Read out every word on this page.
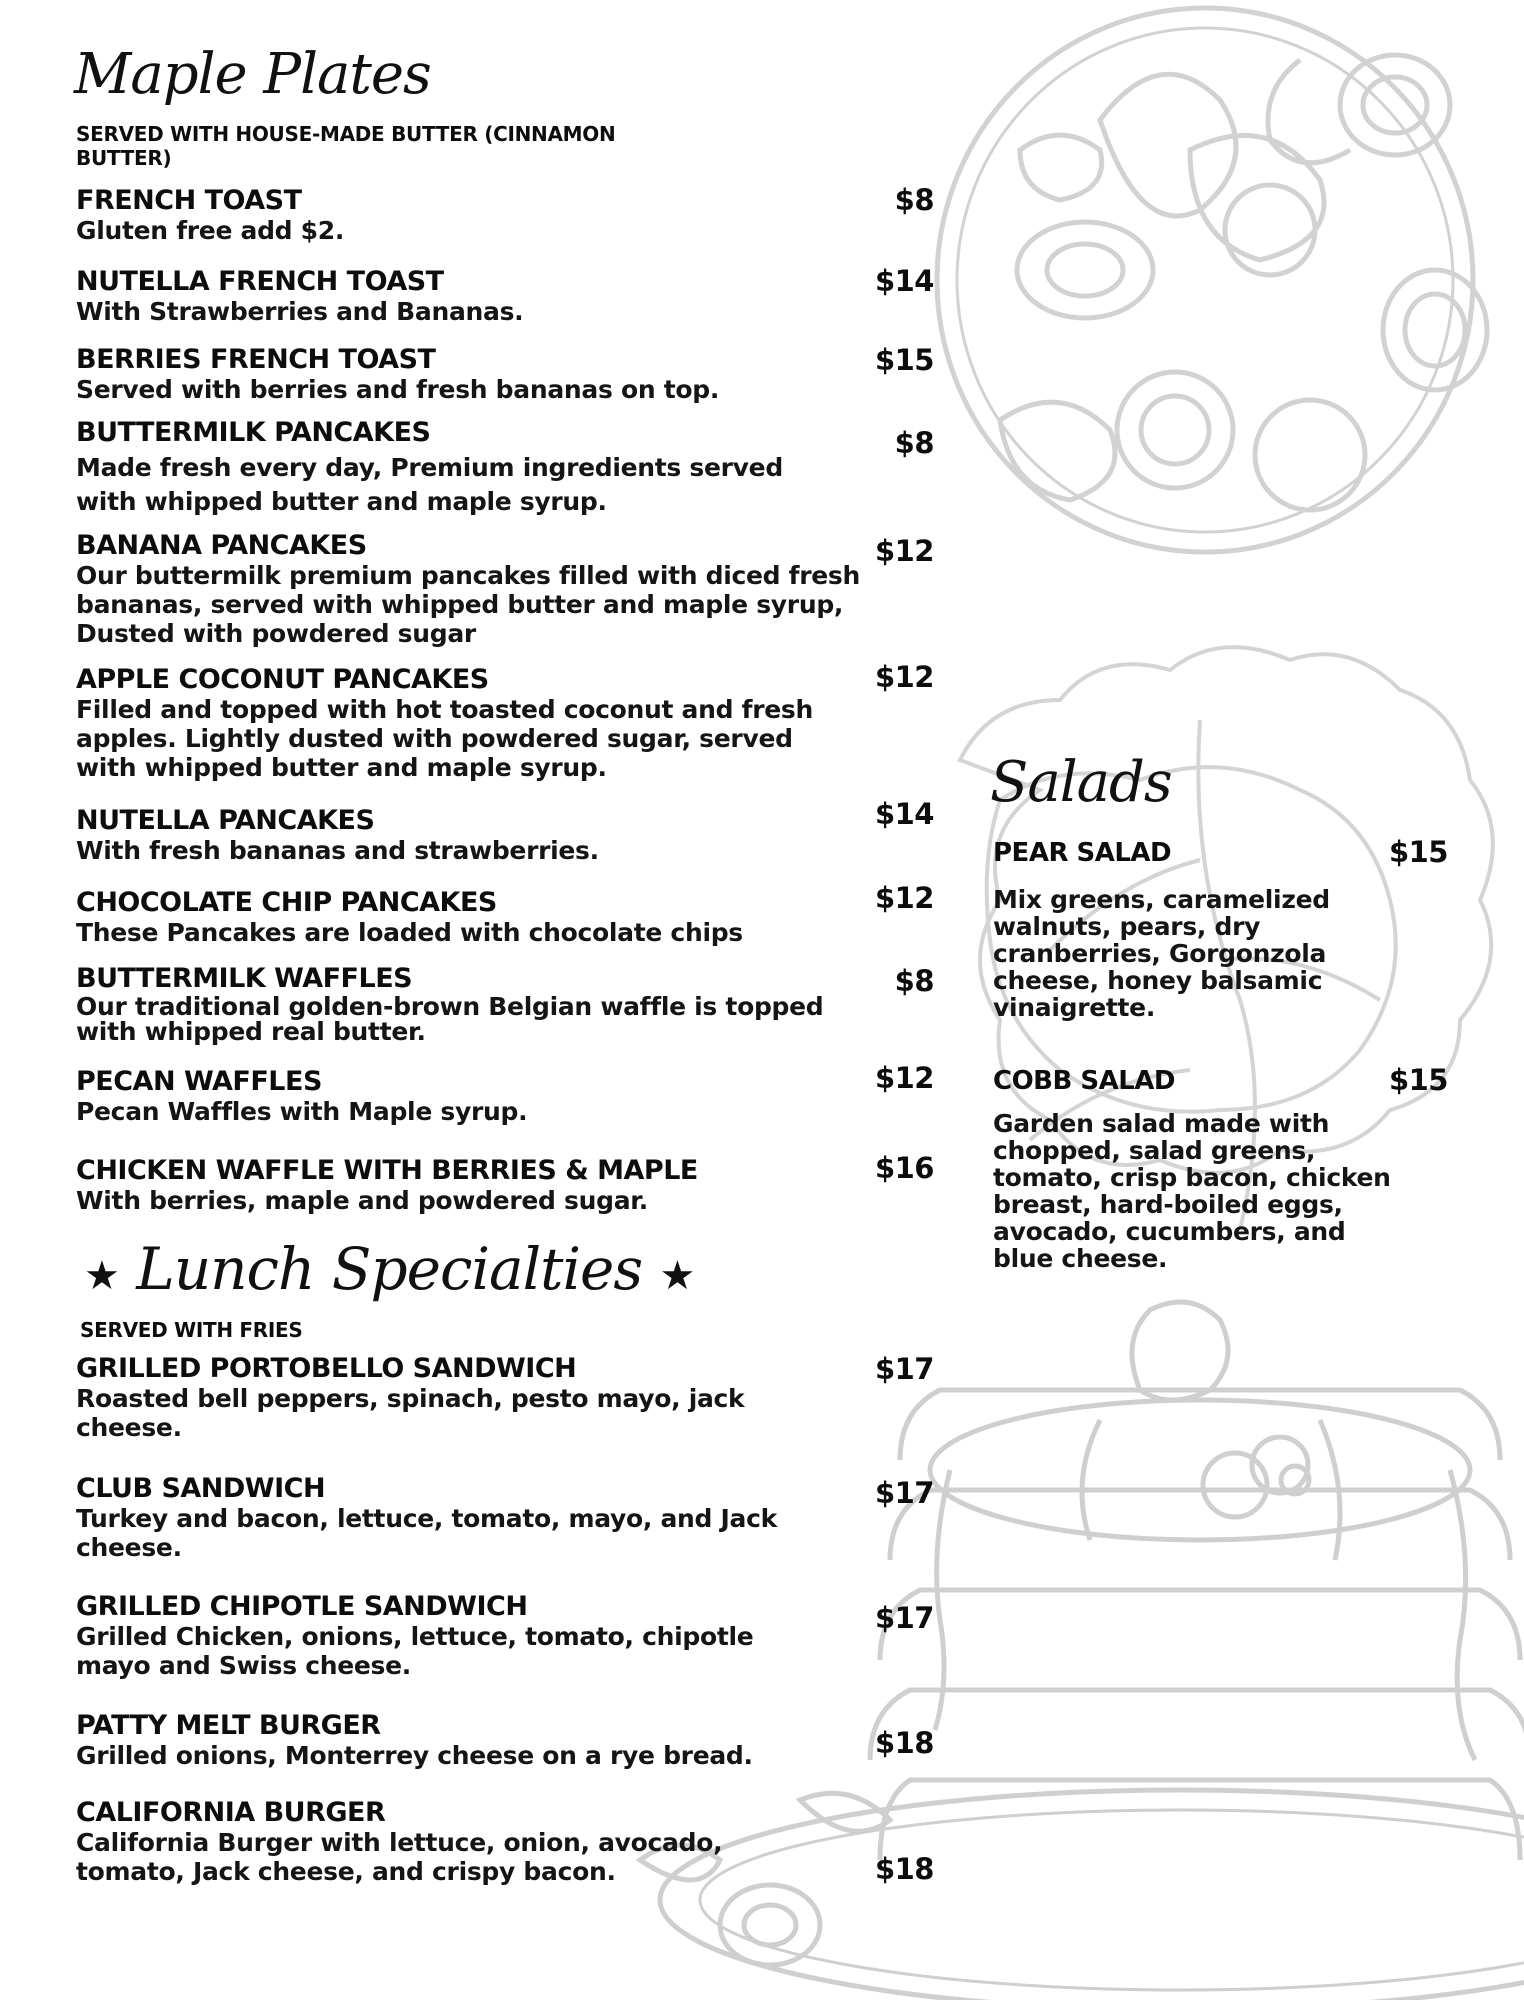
Maple Plates
SERVED WITH HOUSE-MADE BUTTER (CINNAMON BUTTER)
★ Lunch Specialties ★
SERVED WITH FRIES
Salads
FRENCH TOAST
Gluten free add $2.
$8
NUTELLA FRENCH TOAST
With Strawberries and Bananas.
$14
BERRIES FRENCH TOAST
Served with berries and fresh bananas on top.
$15
BUTTERMILK PANCAKES
Made fresh every day, Premium ingredients served with whipped butter and maple syrup.
$8
BANANA PANCAKES
Our buttermilk premium pancakes filled with diced fresh bananas, served with whipped butter and maple syrup, Dusted with powdered sugar
$12
APPLE COCONUT PANCAKES
Filled and topped with hot toasted coconut and fresh apples. Lightly dusted with powdered sugar, served with whipped butter and maple syrup.
$12
NUTELLA PANCAKES
With fresh bananas and strawberries.
$14
CHOCOLATE CHIP PANCAKES
These Pancakes are loaded with chocolate chips
$12
BUTTERMILK WAFFLES
Our traditional golden-brown Belgian waffle is topped with whipped real butter.
$8
PECAN WAFFLES
Pecan Waffles with Maple syrup.
$12
CHICKEN WAFFLE WITH BERRIES & MAPLE
With berries, maple and powdered sugar.
$16
GRILLED PORTOBELLO SANDWICH
Roasted bell peppers, spinach, pesto mayo, jack cheese.
$17
CLUB SANDWICH
Turkey and bacon, lettuce, tomato, mayo, and Jack cheese.
$17
GRILLED CHIPOTLE SANDWICH
Grilled Chicken, onions, lettuce, tomato, chipotle mayo and Swiss cheese.
$17
PATTY MELT BURGER
Grilled onions, Monterrey cheese on a rye bread.	$18
CALIFORNIA BURGER
California Burger with lettuce, onion, avocado, tomato, Jack cheese, and crispy bacon.	$18
PEAR SALAD
Mix greens, caramelized walnuts, pears, dry cranberries, Gorgonzola cheese, honey balsamic vinaigrette.
$15
COBB SALAD
Garden salad made with chopped, salad greens, tomato, crisp bacon, chicken breast, hard-boiled eggs, avocado, cucumbers, and blue cheese.
$15
